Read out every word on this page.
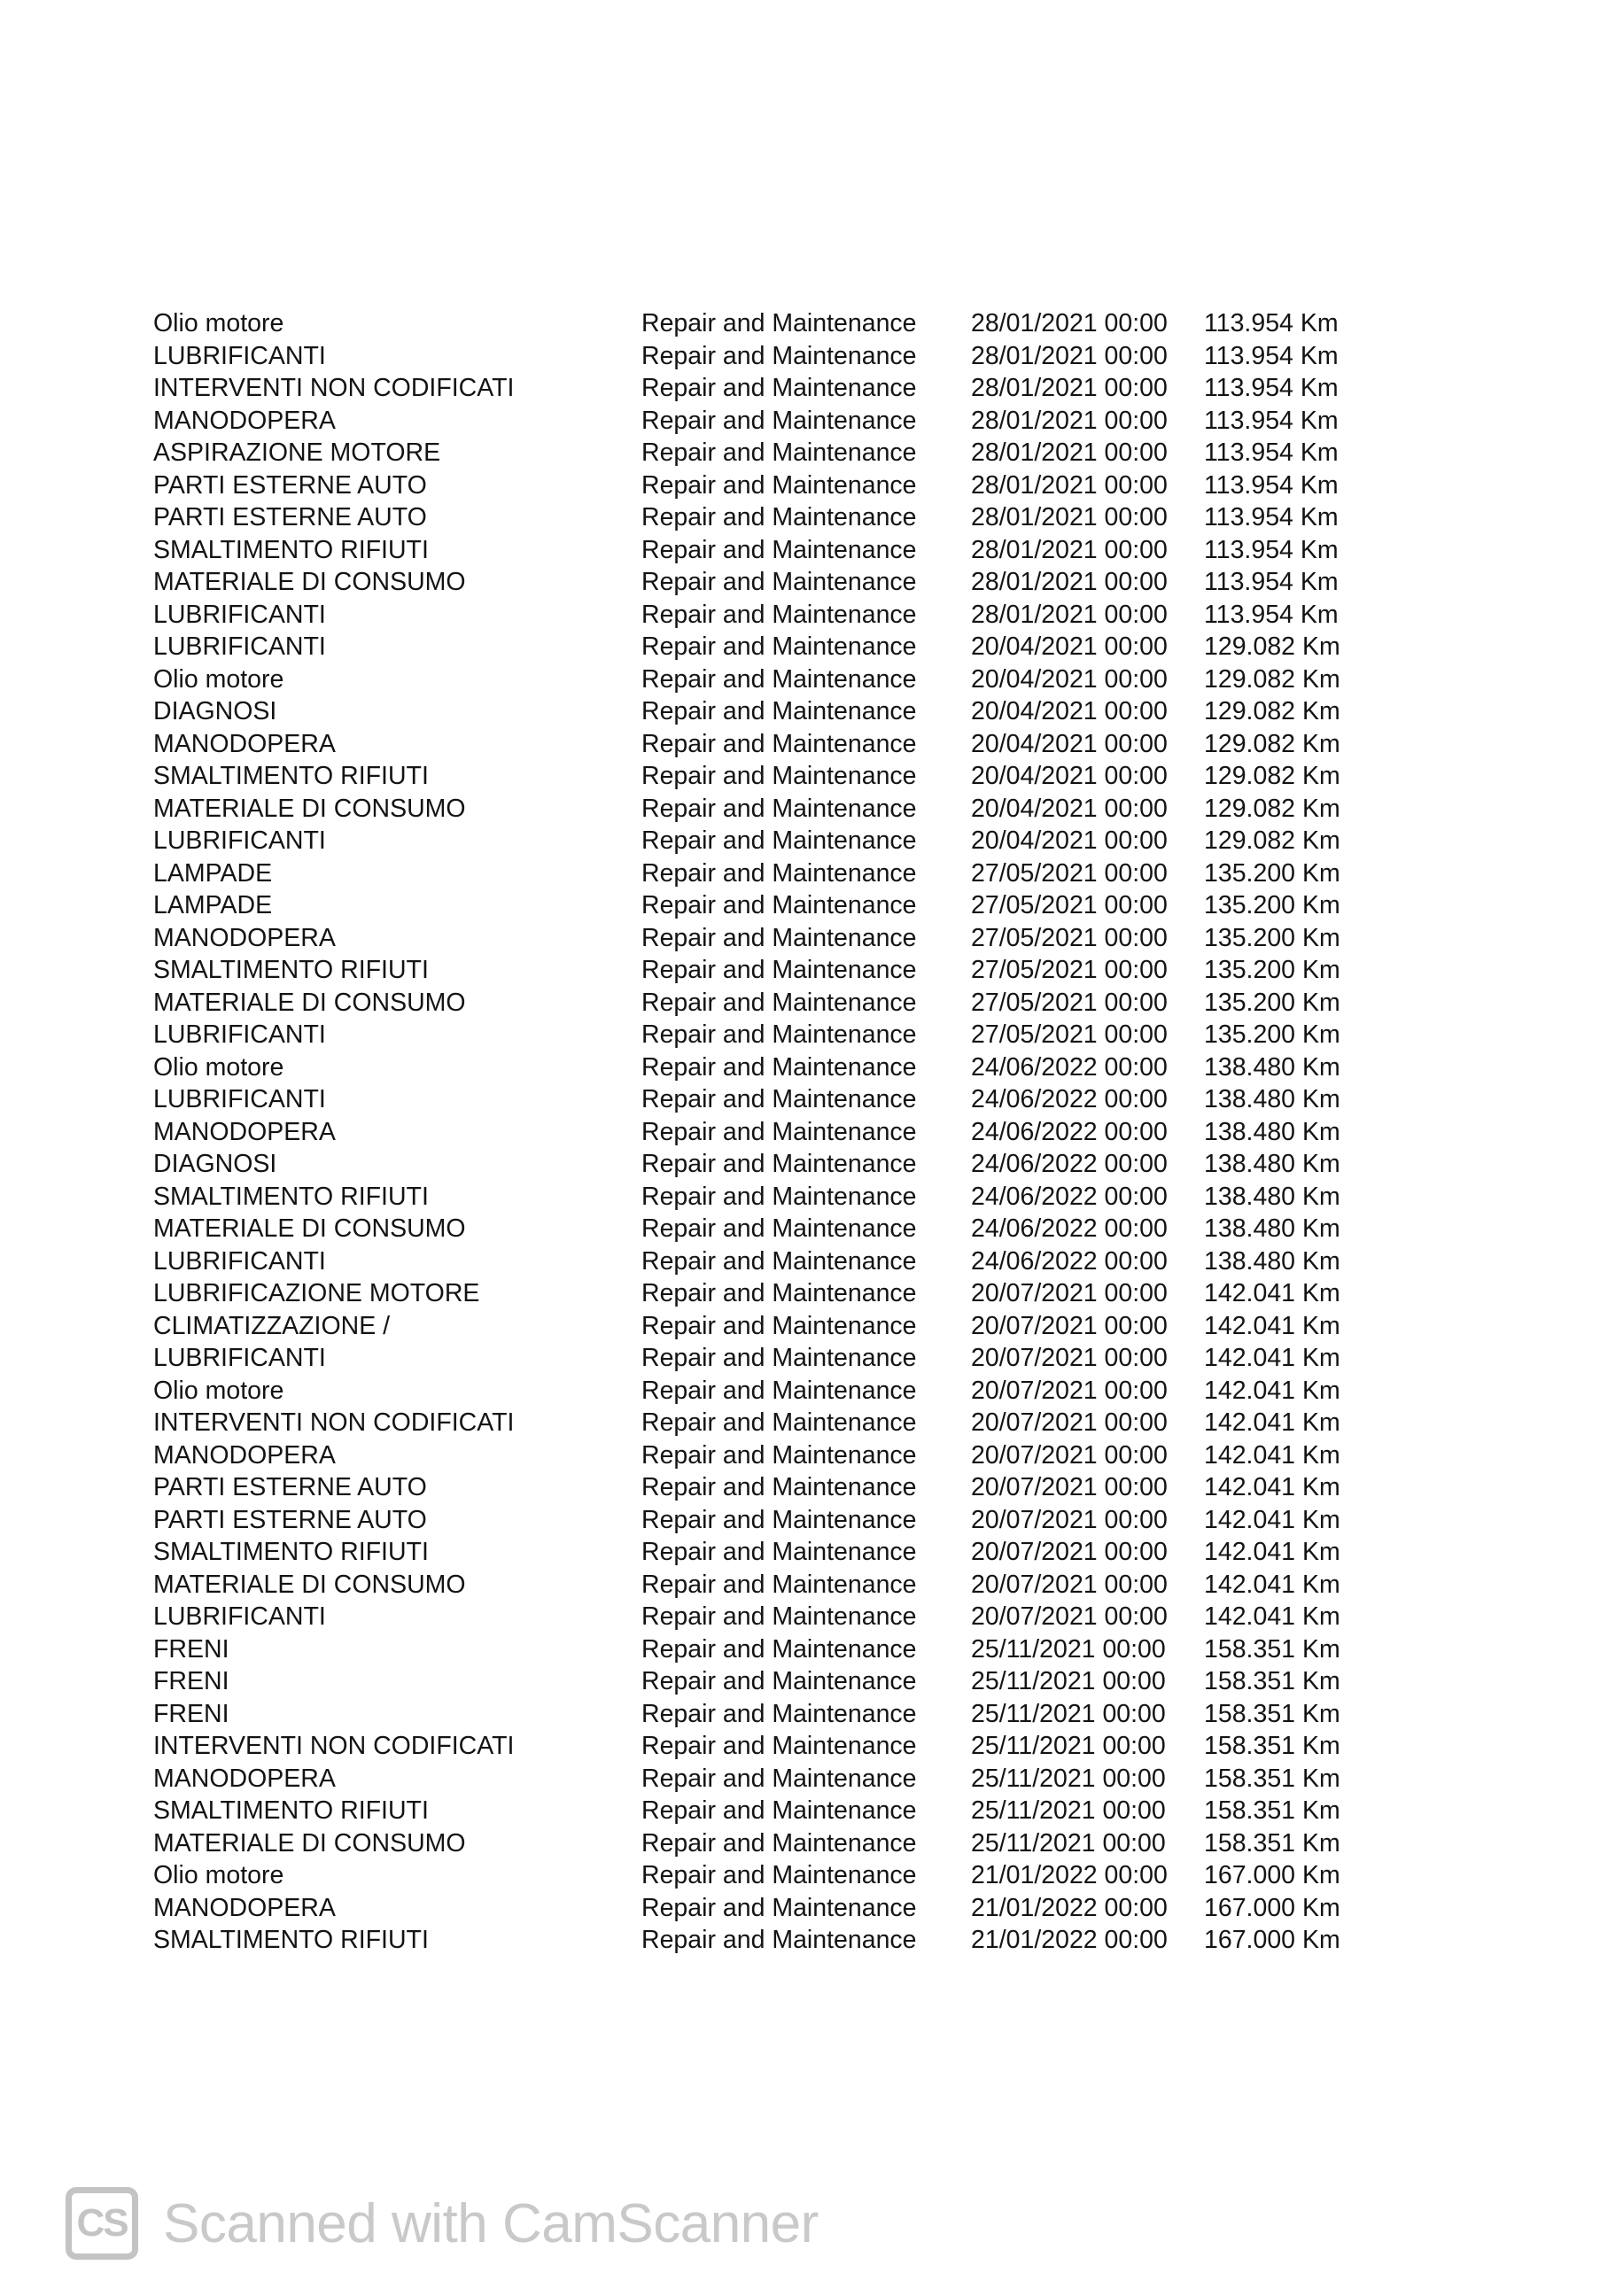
Olio motore	Repair and Maintenance 28/01/2021 00:00 113.954 Km
LUBRIFICANTI	Repair and Maintenance 28/01/2021 00:00 113.954 Km
INTERVENTI NON CODIFICATI	Repair and Maintenance 28/01/2021 00:00 113.954 Km
MANODOPERA	Repair and Maintenance 28/01/2021 00:00 113.954 Km
ASPIRAZIONE MOTORE	Repair and Maintenance 28/01/2021 00:00 113.954 Km
PARTI ESTERNE AUTO	Repair and Maintenance 28/01/2021 00:00 113.954 Km
PARTI ESTERNE AUTO	Repair and Maintenance 28/01/2021 00:00 113.954 Km
SMALTIMENTO RIFIUTI	Repair and Maintenance 28/01/2021 00:00 113.954 Km
MATERIALE DI CONSUMO	Repair and Maintenance 28/01/2021 00:00 113.954 Km
LUBRIFICANTI	Repair and Maintenance 28/01/2021 00:00 113.954 Km
LUBRIFICANTI	Repair and Maintenance 20/04/2021 00:00 129.082 Km
Olio motore	Repair and Maintenance 20/04/2021 00:00 129.082 Km
DIAGNOSI	Repair and Maintenance 20/04/2021 00:00 129.082 Km
MANODOPERA	Repair and Maintenance 20/04/2021 00:00 129.082 Km
SMALTIMENTO RIFIUTI	Repair and Maintenance 20/04/2021 00:00 129.082 Km
MATERIALE DI CONSUMO	Repair and Maintenance 20/04/2021 00:00 129.082 Km
LUBRIFICANTI	Repair and Maintenance 20/04/2021 00:00 129.082 Km
LAMPADE	Repair and Maintenance 27/05/2021 00:00 135.200 Km
LAMPADE	Repair and Maintenance 27/05/2021 00:00 135.200 Km
MANODOPERA	Repair and Maintenance 27/05/2021 00:00 135.200 Km
SMALTIMENTO RIFIUTI	Repair and Maintenance 27/05/2021 00:00 135.200 Km
MATERIALE DI CONSUMO	Repair and Maintenance 27/05/2021 00:00 135.200 Km
LUBRIFICANTI	Repair and Maintenance 27/05/2021 00:00 135.200 Km
Olio motore	Repair and Maintenance 24/06/2022 00:00 138.480 Km
LUBRIFICANTI	Repair and Maintenance 24/06/2022 00:00 138.480 Km
MANODOPERA	Repair and Maintenance 24/06/2022 00:00 138.480 Km
DIAGNOSI	Repair and Maintenance 24/06/2022 00:00 138.480 Km
SMALTIMENTO RIFIUTI	Repair and Maintenance 24/06/2022 00:00 138.480 Km
MATERIALE DI CONSUMO	Repair and Maintenance 24/06/2022 00:00 138.480 Km
LUBRIFICANTI	Repair and Maintenance 24/06/2022 00:00 138.480 Km
LUBRIFICAZIONE MOTORE	Repair and Maintenance 20/07/2021 00:00 142.041 Km
CLIMATIZZAZIONE /	Repair and Maintenance 20/07/2021 00:00 142.041 Km
LUBRIFICANTI	Repair and Maintenance 20/07/2021 00:00 142.041 Km
Olio motore	Repair and Maintenance 20/07/2021 00:00 142.041 Km
INTERVENTI NON CODIFICATI	Repair and Maintenance 20/07/2021 00:00 142.041 Km
MANODOPERA	Repair and Maintenance 20/07/2021 00:00 142.041 Km
PARTI ESTERNE AUTO	Repair and Maintenance 20/07/2021 00:00 142.041 Km
PARTI ESTERNE AUTO	Repair and Maintenance 20/07/2021 00:00 142.041 Km
SMALTIMENTO RIFIUTI	Repair and Maintenance 20/07/2021 00:00 142.041 Km
MATERIALE DI CONSUMO	Repair and Maintenance 20/07/2021 00:00 142.041 Km
LUBRIFICANTI	Repair and Maintenance 20/07/2021 00:00 142.041 Km
FRENI	Repair and Maintenance 25/11/2021 00:00 158.351 Km
FRENI	Repair and Maintenance 25/11/2021 00:00 158.351 Km
FRENI	Repair and Maintenance 25/11/2021 00:00 158.351 Km
INTERVENTI NON CODIFICATI	Repair and Maintenance 25/11/2021 00:00 158.351 Km
MANODOPERA	Repair and Maintenance 25/11/2021 00:00 158.351 Km
SMALTIMENTO RIFIUTI	Repair and Maintenance 25/11/2021 00:00 158.351 Km
MATERIALE DI CONSUMO	Repair and Maintenance 25/11/2021 00:00 158.351 Km
Olio motore	Repair and Maintenance 21/01/2022 00:00 167.000 Km
MANODOPERA	Repair and Maintenance 21/01/2022 00:00 167.000 Km
SMALTIMENTO RIFIUTI	Repair and Maintenance 21/01/2022 00:00 167.000 Km
CS Scanned with CamScanner
